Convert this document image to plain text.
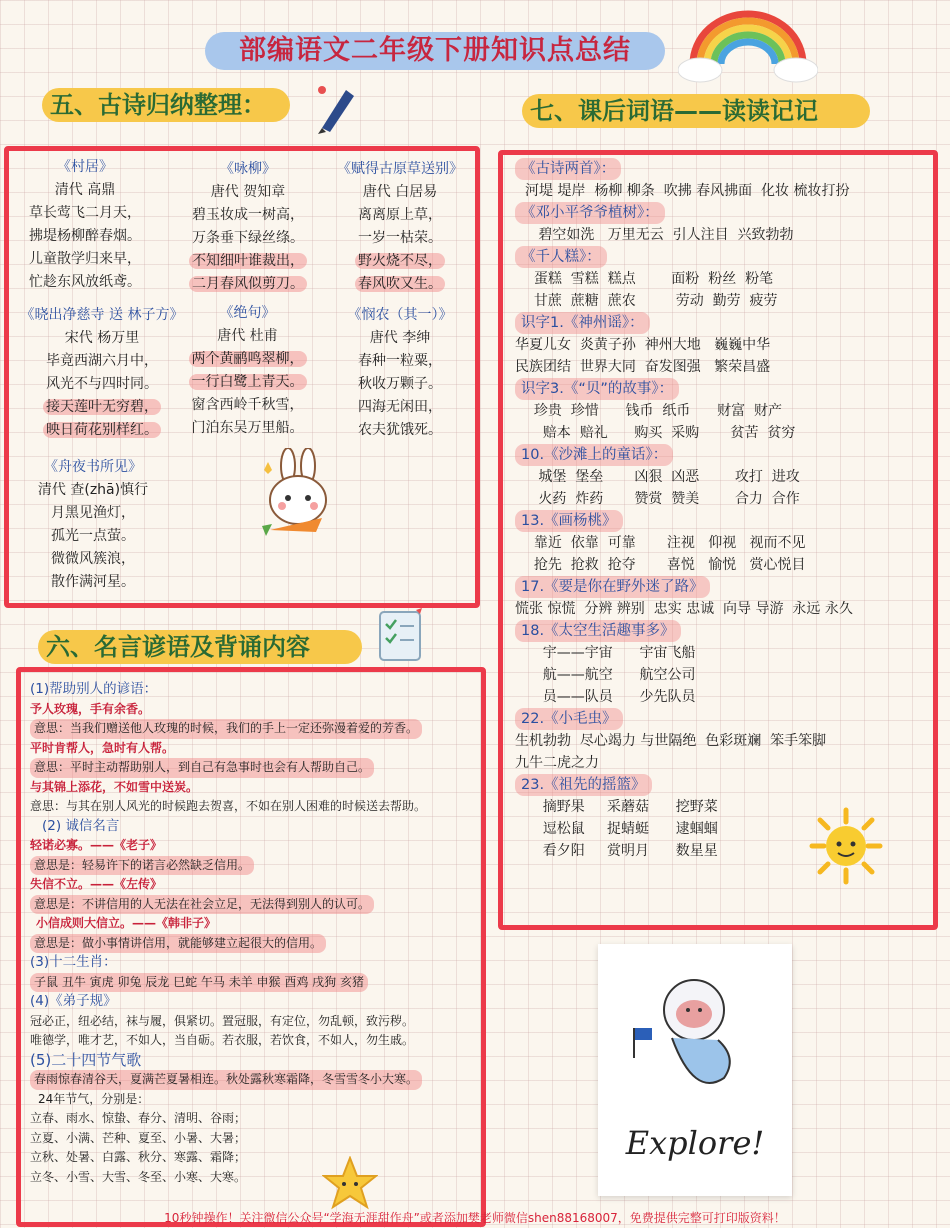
部编语文二年级下册知识点总结
五、古诗归纳整理：	七、课后词语——读读记记
《村居》
清代 高鼎
草长莺飞二月天，
拂堤杨柳醉春烟。
儿童散学归来早，
忙趁东风放纸鸢。
《咏柳》
唐代 贺知章
碧玉妆成一树高，
万条垂下绿丝绦。
不知细叶谁裁出，
二月春风似剪刀。
《赋得古原草送别》
唐代 白居易
离离原上草，
一岁一枯荣。
野火烧不尽，
春风吹又生。
《晓出净慈寺 送 林子方》
宋代 杨万里
毕竟西湖六月中，
风光不与四时同。
接天莲叶无穷碧，
映日荷花别样红。
《绝句》
唐代 杜甫
两个黄鹂鸣翠柳，
一行白鹭上青天。
窗含西岭千秋雪，
门泊东吴万里船。
《悯农（其一）》
唐代 李绅
春种一粒粟，
秋收万颗子。
四海无闲田，
农夫犹饿死。
《舟夜书所见》
清代 查(zhā)慎行
月黑见渔灯，
孤光一点萤。
微微风簇浪，
散作满河星。
六、名言谚语及背诵内容
(1)帮助别人的谚语：
予人玫瑰，手有余香。
意思：当我们赠送他人玫瑰的时候，我们的手上一定还弥漫着爱的芳香。
平时肯帮人，急时有人帮。
意思：平时主动帮助别人，到自己有急事时也会有人帮助自己。
与其锦上添花，不如雪中送炭。
意思：与其在别人风光的时候跑去贺喜，不如在别人困难的时候送去帮助。
(2) 诚信名言
轻诺必寡。——《老子》
意思是：轻易许下的诺言必然缺乏信用。
失信不立。——《左传》
意思是：不讲信用的人无法在社会立足，无法得到别人的认可。
小信成则大信立。——《韩非子》
意思是：做小事情讲信用，就能够建立起很大的信用。
(3)十二生肖：
子鼠 丑牛 寅虎 卯兔 辰龙 巳蛇 午马 未羊 申猴 酉鸡 戌狗 亥猪
(4)《弟子规》
冠必正，纽必结，袜与履，俱紧切。置冠服，有定位，勿乱顿，致污秽。
唯德学，唯才艺，不如人，当自砺。若衣服，若饮食，不如人，勿生戚。
(5)二十四节气歌
春雨惊春清谷天，夏满芒夏暑相连。秋处露秋寒霜降，冬雪雪冬小大寒。
24年节气，分别是：
立春、雨水、惊蛰、春分、清明、谷雨；
立夏、小满、芒种、夏至、小暑、大暑；
立秋、处暑、白露、秋分、寒露、霜降；
立冬、小雪、大雪、冬至、小寒、大寒。
《古诗两首》：
河堤 堤岸  杨柳 柳条  吹拂 春风拂面  化妆 梳妆打扮
《邓小平爷爷植树》：
碧空如洗   万里无云  引人注目  兴致勃勃
《千人糕》：
蛋糕  雪糕  糕点        面粉  粉丝  粉笔
甘蔗  蔗糖  蔗农         劳动  勤劳  疲劳
识字1.《神州谣》：
华夏儿女  炎黄子孙  神州大地   巍巍中华
民族团结  世界大同  奋发图强   繁荣昌盛
识字3.《“贝”的故事》：
珍贵  珍惜      钱币  纸币      财富  财产
赔本  赔礼      购买  采购       贫苦  贫穷
10.《沙滩上的童话》：
城堡  堡垒       凶狠  凶恶        攻打  进攻
火药  炸药       赞赏  赞美        合力  合作
13.《画杨桃》
靠近  依靠  可靠       注视   仰视   视而不见
抢先  抢救  抢夺       喜悦   愉悦   赏心悦目
17.《要是你在野外迷了路》
慌张 惊慌  分辨 辨别  忠实 忠诚  向导 导游  永远 永久
18.《太空生活趣事多》
宇——宇宙      宇宙飞船
航——航空      航空公司
员——队员      少先队员
22.《小毛虫》
生机勃勃  尽心竭力 与世隔绝  色彩斑斓  笨手笨脚
九牛二虎之力
23.《祖先的摇篮》
摘野果     采蘑菇      挖野菜
逗松鼠     捉蜻蜓      逮蝈蝈
看夕阳     赏明月      数星星
Explore!
10秒钟操作！关注微信公众号“学海无涯甜作舟”或者添加樊老师微信shen88168007，免费提供完整可打印版资料！
